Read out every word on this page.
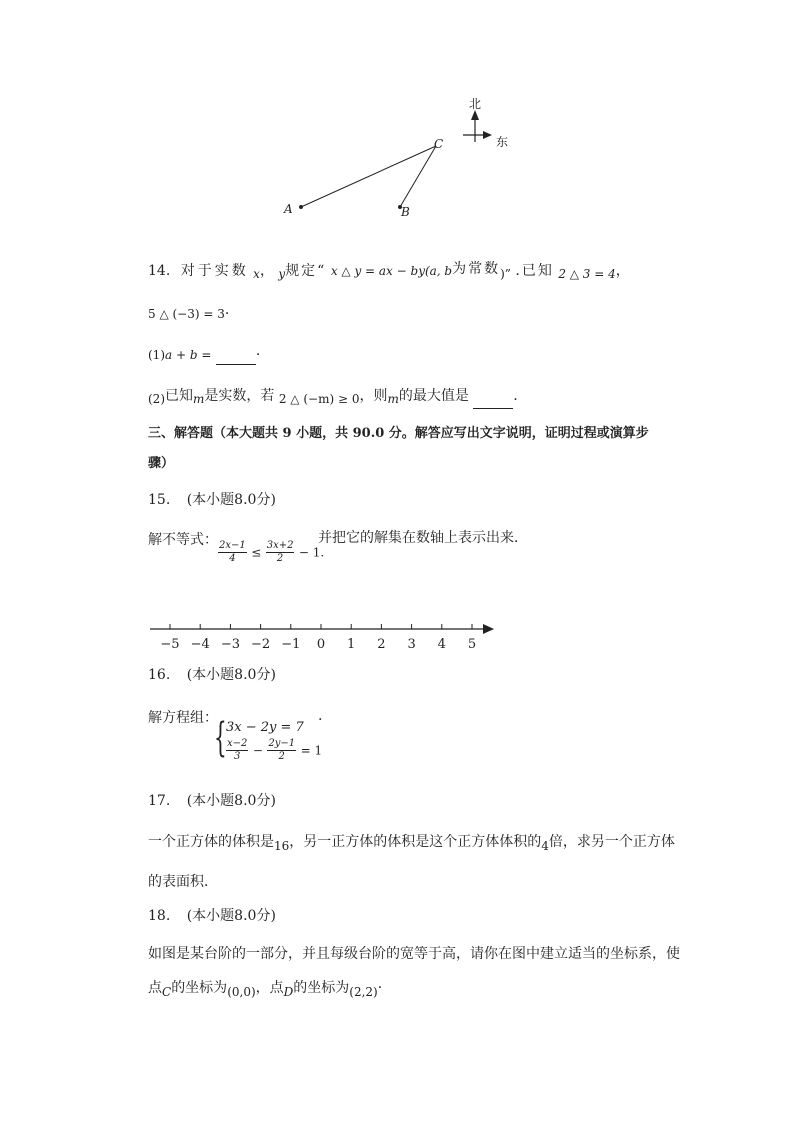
A	B
C
北
东
14. 对于实数 x， y规定“ x △ y = ax − by(a, b为常数)” .已知 2 △ 3 = 4，
5 △ (−3) = 3·
(1)a + b =	·
(2)已知m是实数，若 2 △ (−m) ≥ 0，则m的最大值是	.
三、解答题（本大题共 9 小题，共 90.0 分。解答应写出文字说明，证明过程或演算步
骤）
15. (本小题8.0分)
解不等式： $\frac{2x-1}{4} \le \frac{3x+2}{2} - 1$.
并把它的解集在数轴上表示出来．
−5 −4 −3 −2 −1 0 1 2 3 4 5
16. (本小题8.0分)
解方程组：
{ 3x − 2y = 7
$\frac{x-2}{3} - \frac{2y-1}{2} = 1$
.
17. (本小题8.0分)
一个正方体的体积是16，另一正方体的体积是这个正方体体积的4倍，求另一个正方体
的表面积．
18. (本小题8.0分)
如图是某台阶的一部分，并且每级台阶的宽等于高，请你在图中建立适当的坐标系，使
点C的坐标为(0,0)，点D的坐标为(2,2)·
